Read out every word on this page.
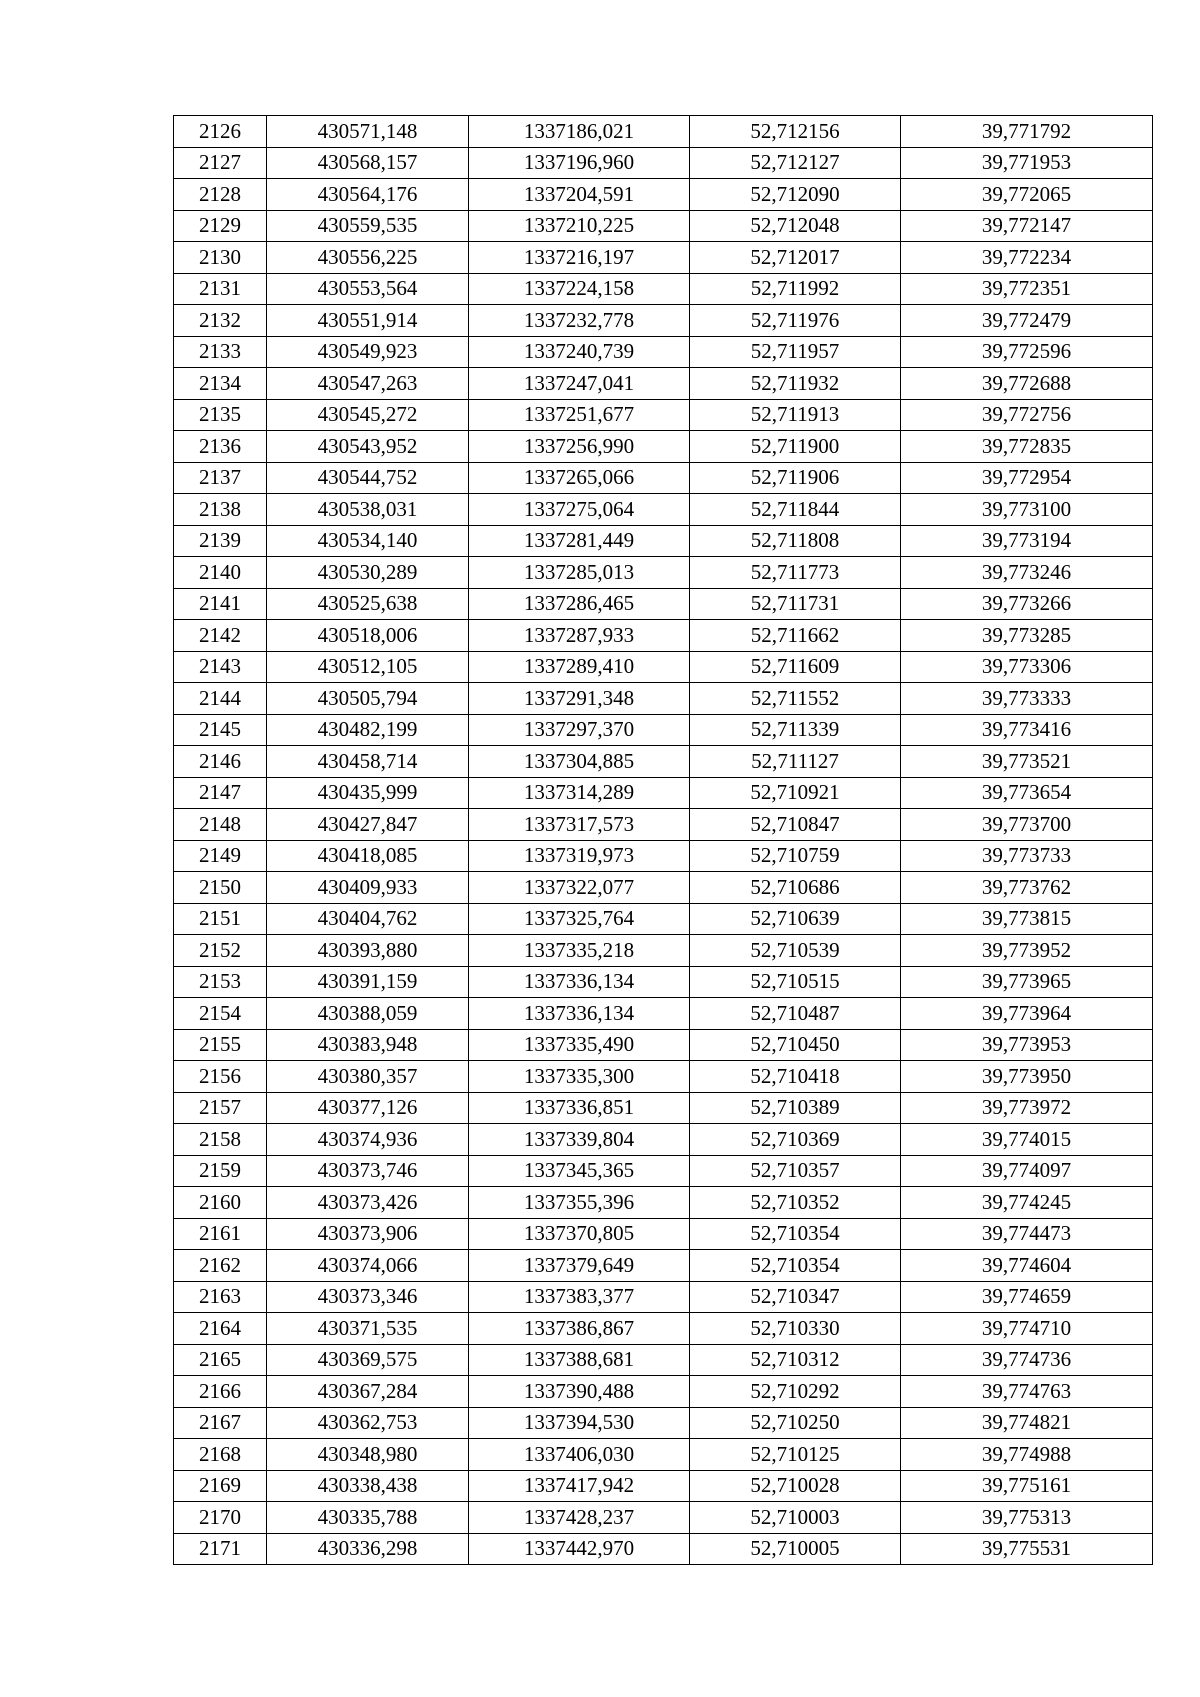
2126	430571,148	1337186,021	52,712156	39,771792
2127	430568,157	1337196,960	52,712127	39,771953
2128	430564,176	1337204,591	52,712090	39,772065
2129	430559,535	1337210,225	52,712048	39,772147
2130	430556,225	1337216,197	52,712017	39,772234
2131	430553,564	1337224,158	52,711992	39,772351
2132	430551,914	1337232,778	52,711976	39,772479
2133	430549,923	1337240,739	52,711957	39,772596
2134	430547,263	1337247,041	52,711932	39,772688
2135	430545,272	1337251,677	52,711913	39,772756
2136	430543,952	1337256,990	52,711900	39,772835
2137	430544,752	1337265,066	52,711906	39,772954
2138	430538,031	1337275,064	52,711844	39,773100
2139	430534,140	1337281,449	52,711808	39,773194
2140	430530,289	1337285,013	52,711773	39,773246
2141	430525,638	1337286,465	52,711731	39,773266
2142	430518,006	1337287,933	52,711662	39,773285
2143	430512,105	1337289,410	52,711609	39,773306
2144	430505,794	1337291,348	52,711552	39,773333
2145	430482,199	1337297,370	52,711339	39,773416
2146	430458,714	1337304,885	52,711127	39,773521
2147	430435,999	1337314,289	52,710921	39,773654
2148	430427,847	1337317,573	52,710847	39,773700
2149	430418,085	1337319,973	52,710759	39,773733
2150	430409,933	1337322,077	52,710686	39,773762
2151	430404,762	1337325,764	52,710639	39,773815
2152	430393,880	1337335,218	52,710539	39,773952
2153	430391,159	1337336,134	52,710515	39,773965
2154	430388,059	1337336,134	52,710487	39,773964
2155	430383,948	1337335,490	52,710450	39,773953
2156	430380,357	1337335,300	52,710418	39,773950
2157	430377,126	1337336,851	52,710389	39,773972
2158	430374,936	1337339,804	52,710369	39,774015
2159	430373,746	1337345,365	52,710357	39,774097
2160	430373,426	1337355,396	52,710352	39,774245
2161	430373,906	1337370,805	52,710354	39,774473
2162	430374,066	1337379,649	52,710354	39,774604
2163	430373,346	1337383,377	52,710347	39,774659
2164	430371,535	1337386,867	52,710330	39,774710
2165	430369,575	1337388,681	52,710312	39,774736
2166	430367,284	1337390,488	52,710292	39,774763
2167	430362,753	1337394,530	52,710250	39,774821
2168	430348,980	1337406,030	52,710125	39,774988
2169	430338,438	1337417,942	52,710028	39,775161
2170	430335,788	1337428,237	52,710003	39,775313
2171	430336,298	1337442,970	52,710005	39,775531
